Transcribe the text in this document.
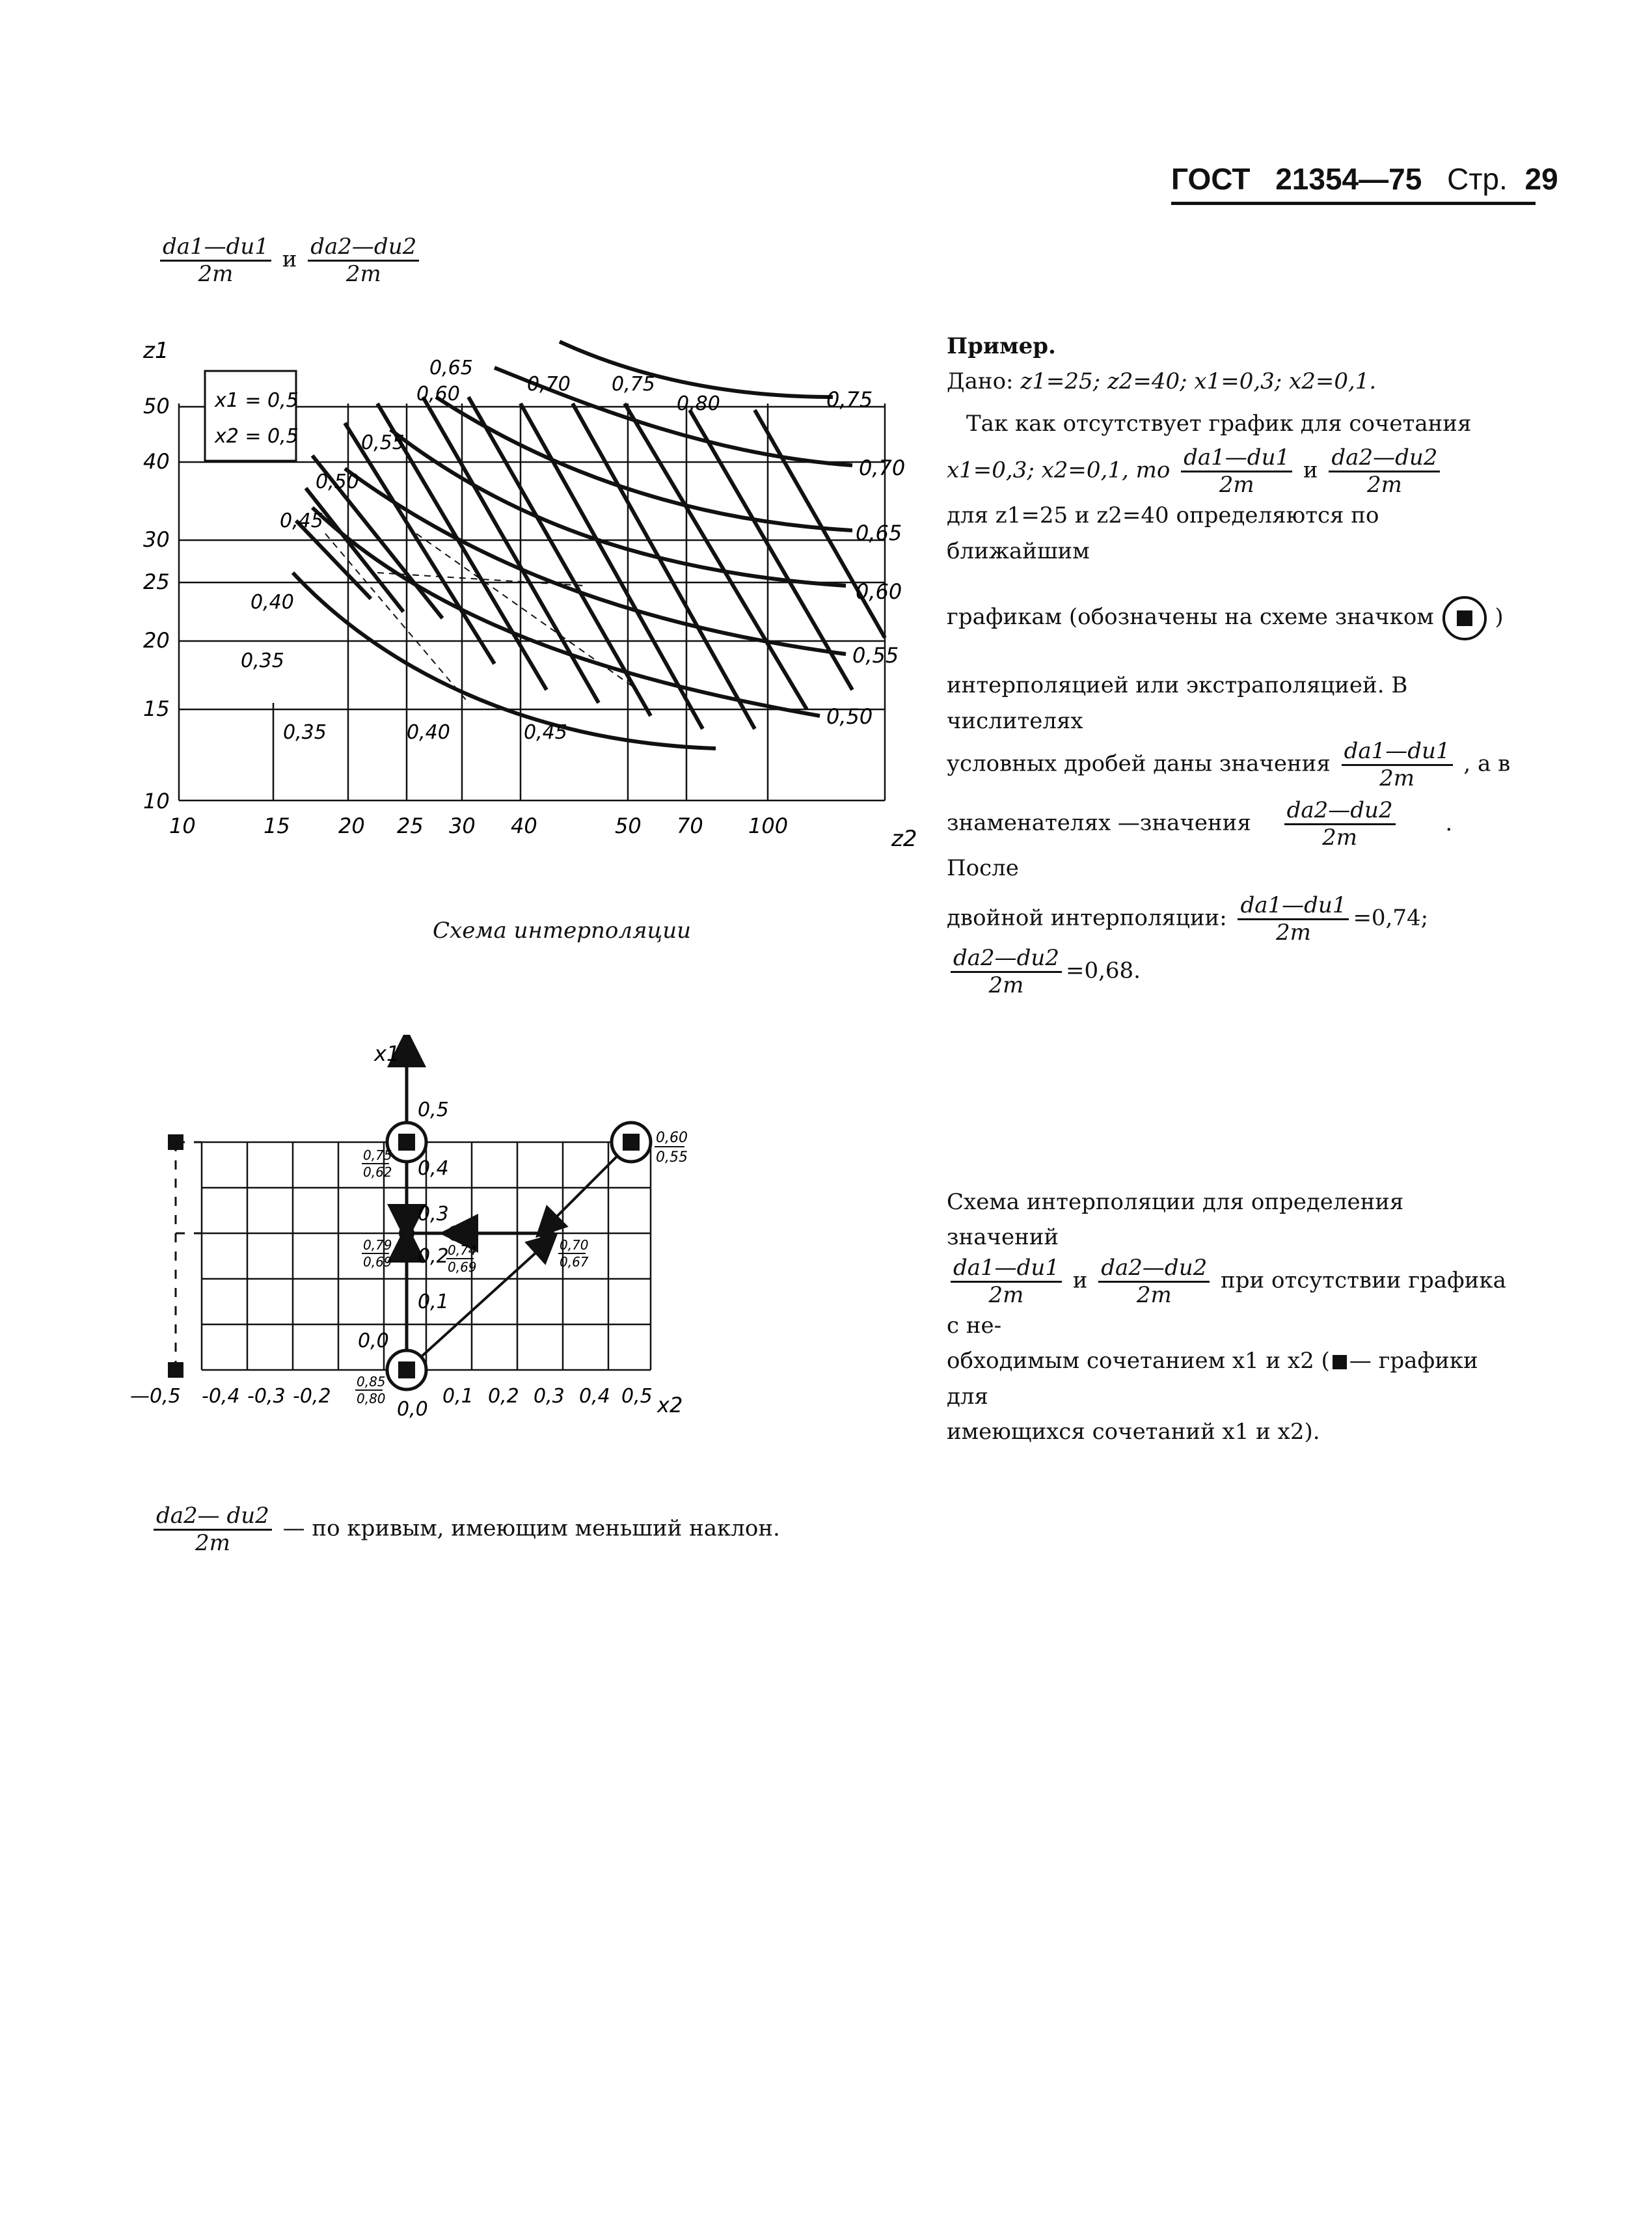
ГОСТ 21354—75 Стр. 29
$\frac{da1—du1}{2m}$ и $\frac{da2—du2}{2m}$
x1 = 0,5
x2 = 0,5
z1
z2
10
15
20
25
30
40
50
10	15 20 25 30 40	50 70 100
0,35
0,40
0,45
0,50
0,55
0,60
0,65
0,70 0,75
0,80	0,75
0,70
0,65
0,60
0,55
0,50
0,35	0,40	0,45
Схема интерполяции
Пример.
Дано: z1=25; z2=40; x1=0,3; x2=0,1.
Так как отсутствует график для сочетания
x1=0,3; x2=0,1, то $\frac{da1—du1}{2m}$ и $\frac{da2—du2}{2m}$
для z1=25 и z2=40 определяются по ближайшим
графикам (обозначены на схеме значком	)
интерполяцией или экстраполяцией. В числителях
условных дробей даны значения $\frac{da1—du1}{2m}$ , а в
знаменателях —значения $\frac{da2—du2}{2m}$ . После
двойной интерполяции: $\frac{da1—du1}{2m} =0,74$;
$\frac{da2—du2}{2m} =0,68$.
x1
x2
0,0
0,1
0,2
0,3
0,4
0,5
—0,5 -0,4 -0,3 -0,2
0,0
0,1 0,2 0,3 0,4 0,5
0,75
0,62
0,79
0,69
0,74
0,69
0,70
0,67
0,60
0,55
0,85
0,80
Схема интерполяции для определения значений
$\frac{da1—du1}{2m}$ и $\frac{da2—du2}{2m}$ при отсутствии графика с не-
обходимым сочетанием x1 и x2 ( — графики для
имеющихся сочетаний x1 и x2).
$\frac{da2— du2}{2m}$ — по кривым, имеющим меньший наклон.
